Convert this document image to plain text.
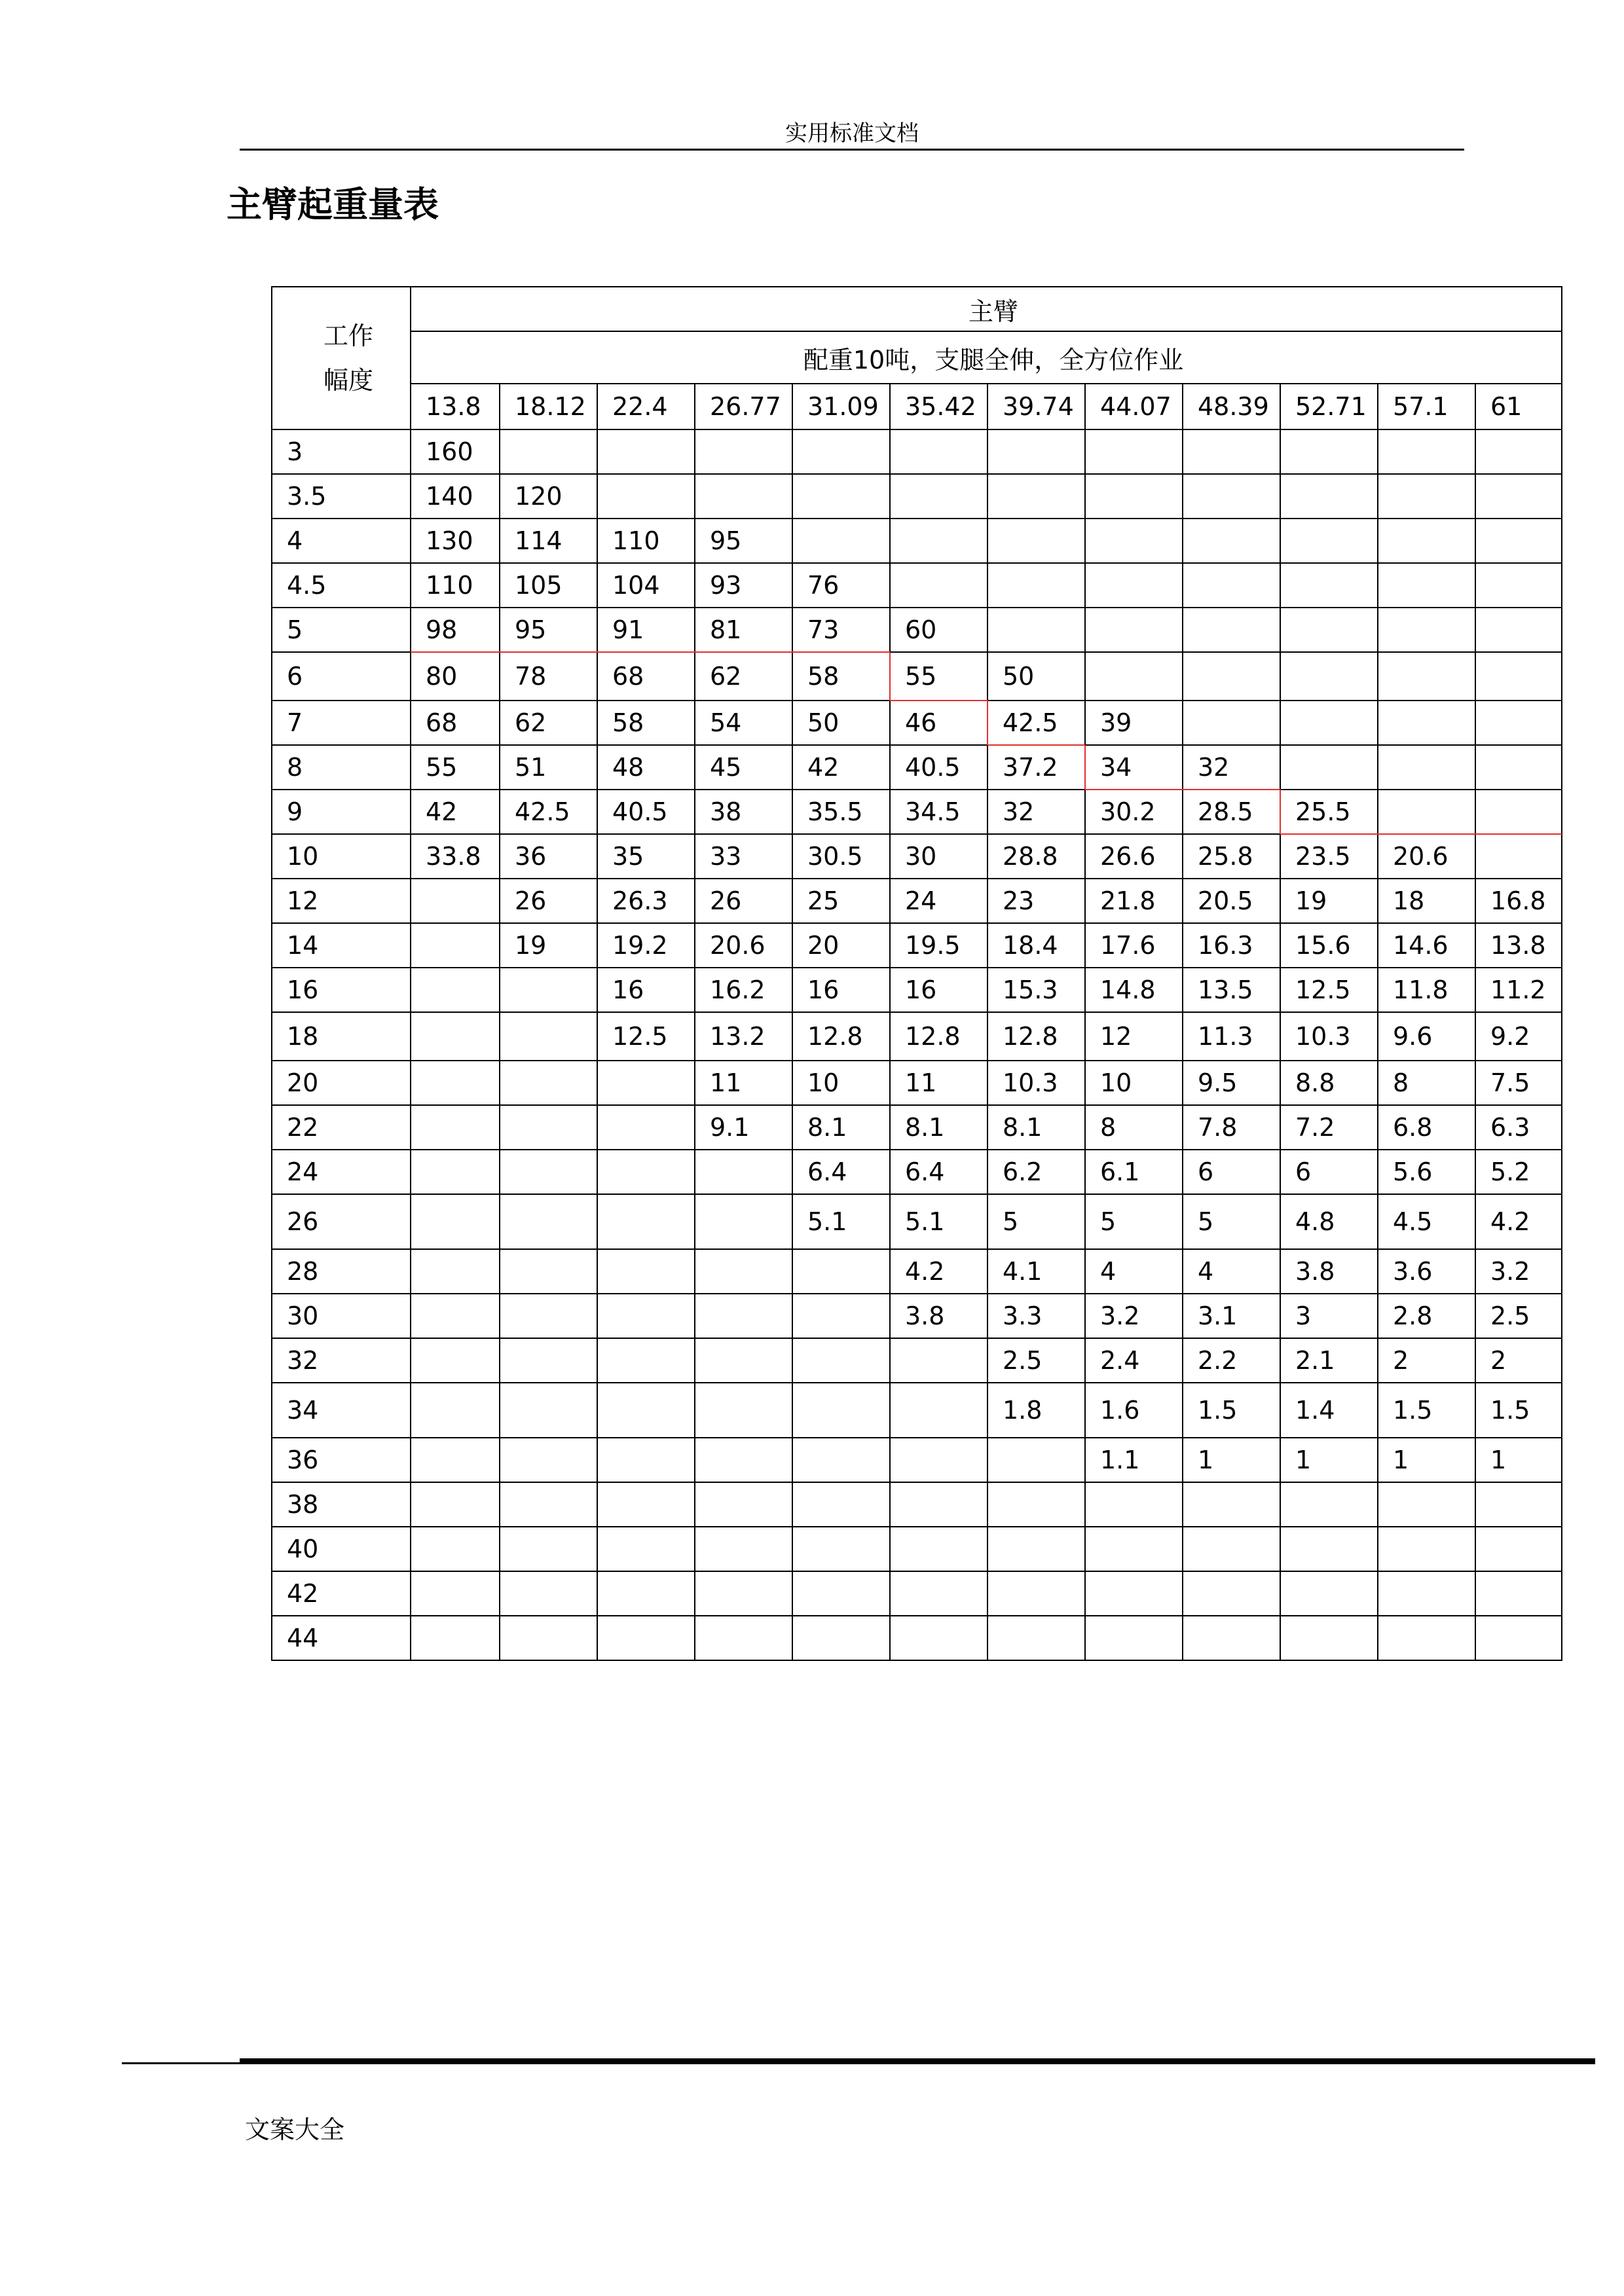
实用标准文档
主臂起重量表
工作
幅度	主臂											
	配重10吨，支腿全伸，全方位作业											
	13.8	18.12	22.4	26.77	31.09	35.42	39.74	44.07	48.39	52.71	57.1	61
3	160											
3.5	140	120										
4	130	114	110	95								
4.5	110	105	104	93	76							
5	98	95	91	81	73	60						
6	80	78	68	62	58	55	50					
7	68	62	58	54	50	46	42.5	39				
8	55	51	48	45	42	40.5	37.2	34	32			
9	42	42.5	40.5	38	35.5	34.5	32	30.2	28.5	25.5		
10	33.8	36	35	33	30.5	30	28.8	26.6	25.8	23.5	20.6	
12		26	26.3	26	25	24	23	21.8	20.5	19	18	16.8
14		19	19.2	20.6	20	19.5	18.4	17.6	16.3	15.6	14.6	13.8
16			16	16.2	16	16	15.3	14.8	13.5	12.5	11.8	11.2
18			12.5	13.2	12.8	12.8	12.8	12	11.3	10.3	9.6	9.2
20				11	10	11	10.3	10	9.5	8.8	8	7.5
22				9.1	8.1	8.1	8.1	8	7.8	7.2	6.8	6.3
24					6.4	6.4	6.2	6.1	6	6	5.6	5.2
26					5.1	5.1	5	5	5	4.8	4.5	4.2
28						4.2	4.1	4	4	3.8	3.6	3.2
30						3.8	3.3	3.2	3.1	3	2.8	2.5
32							2.5	2.4	2.2	2.1	2	2
34							1.8	1.6	1.5	1.4	1.5	1.5
36								1.1	1	1	1	1
38												
40												
42												
44												
文案大全
